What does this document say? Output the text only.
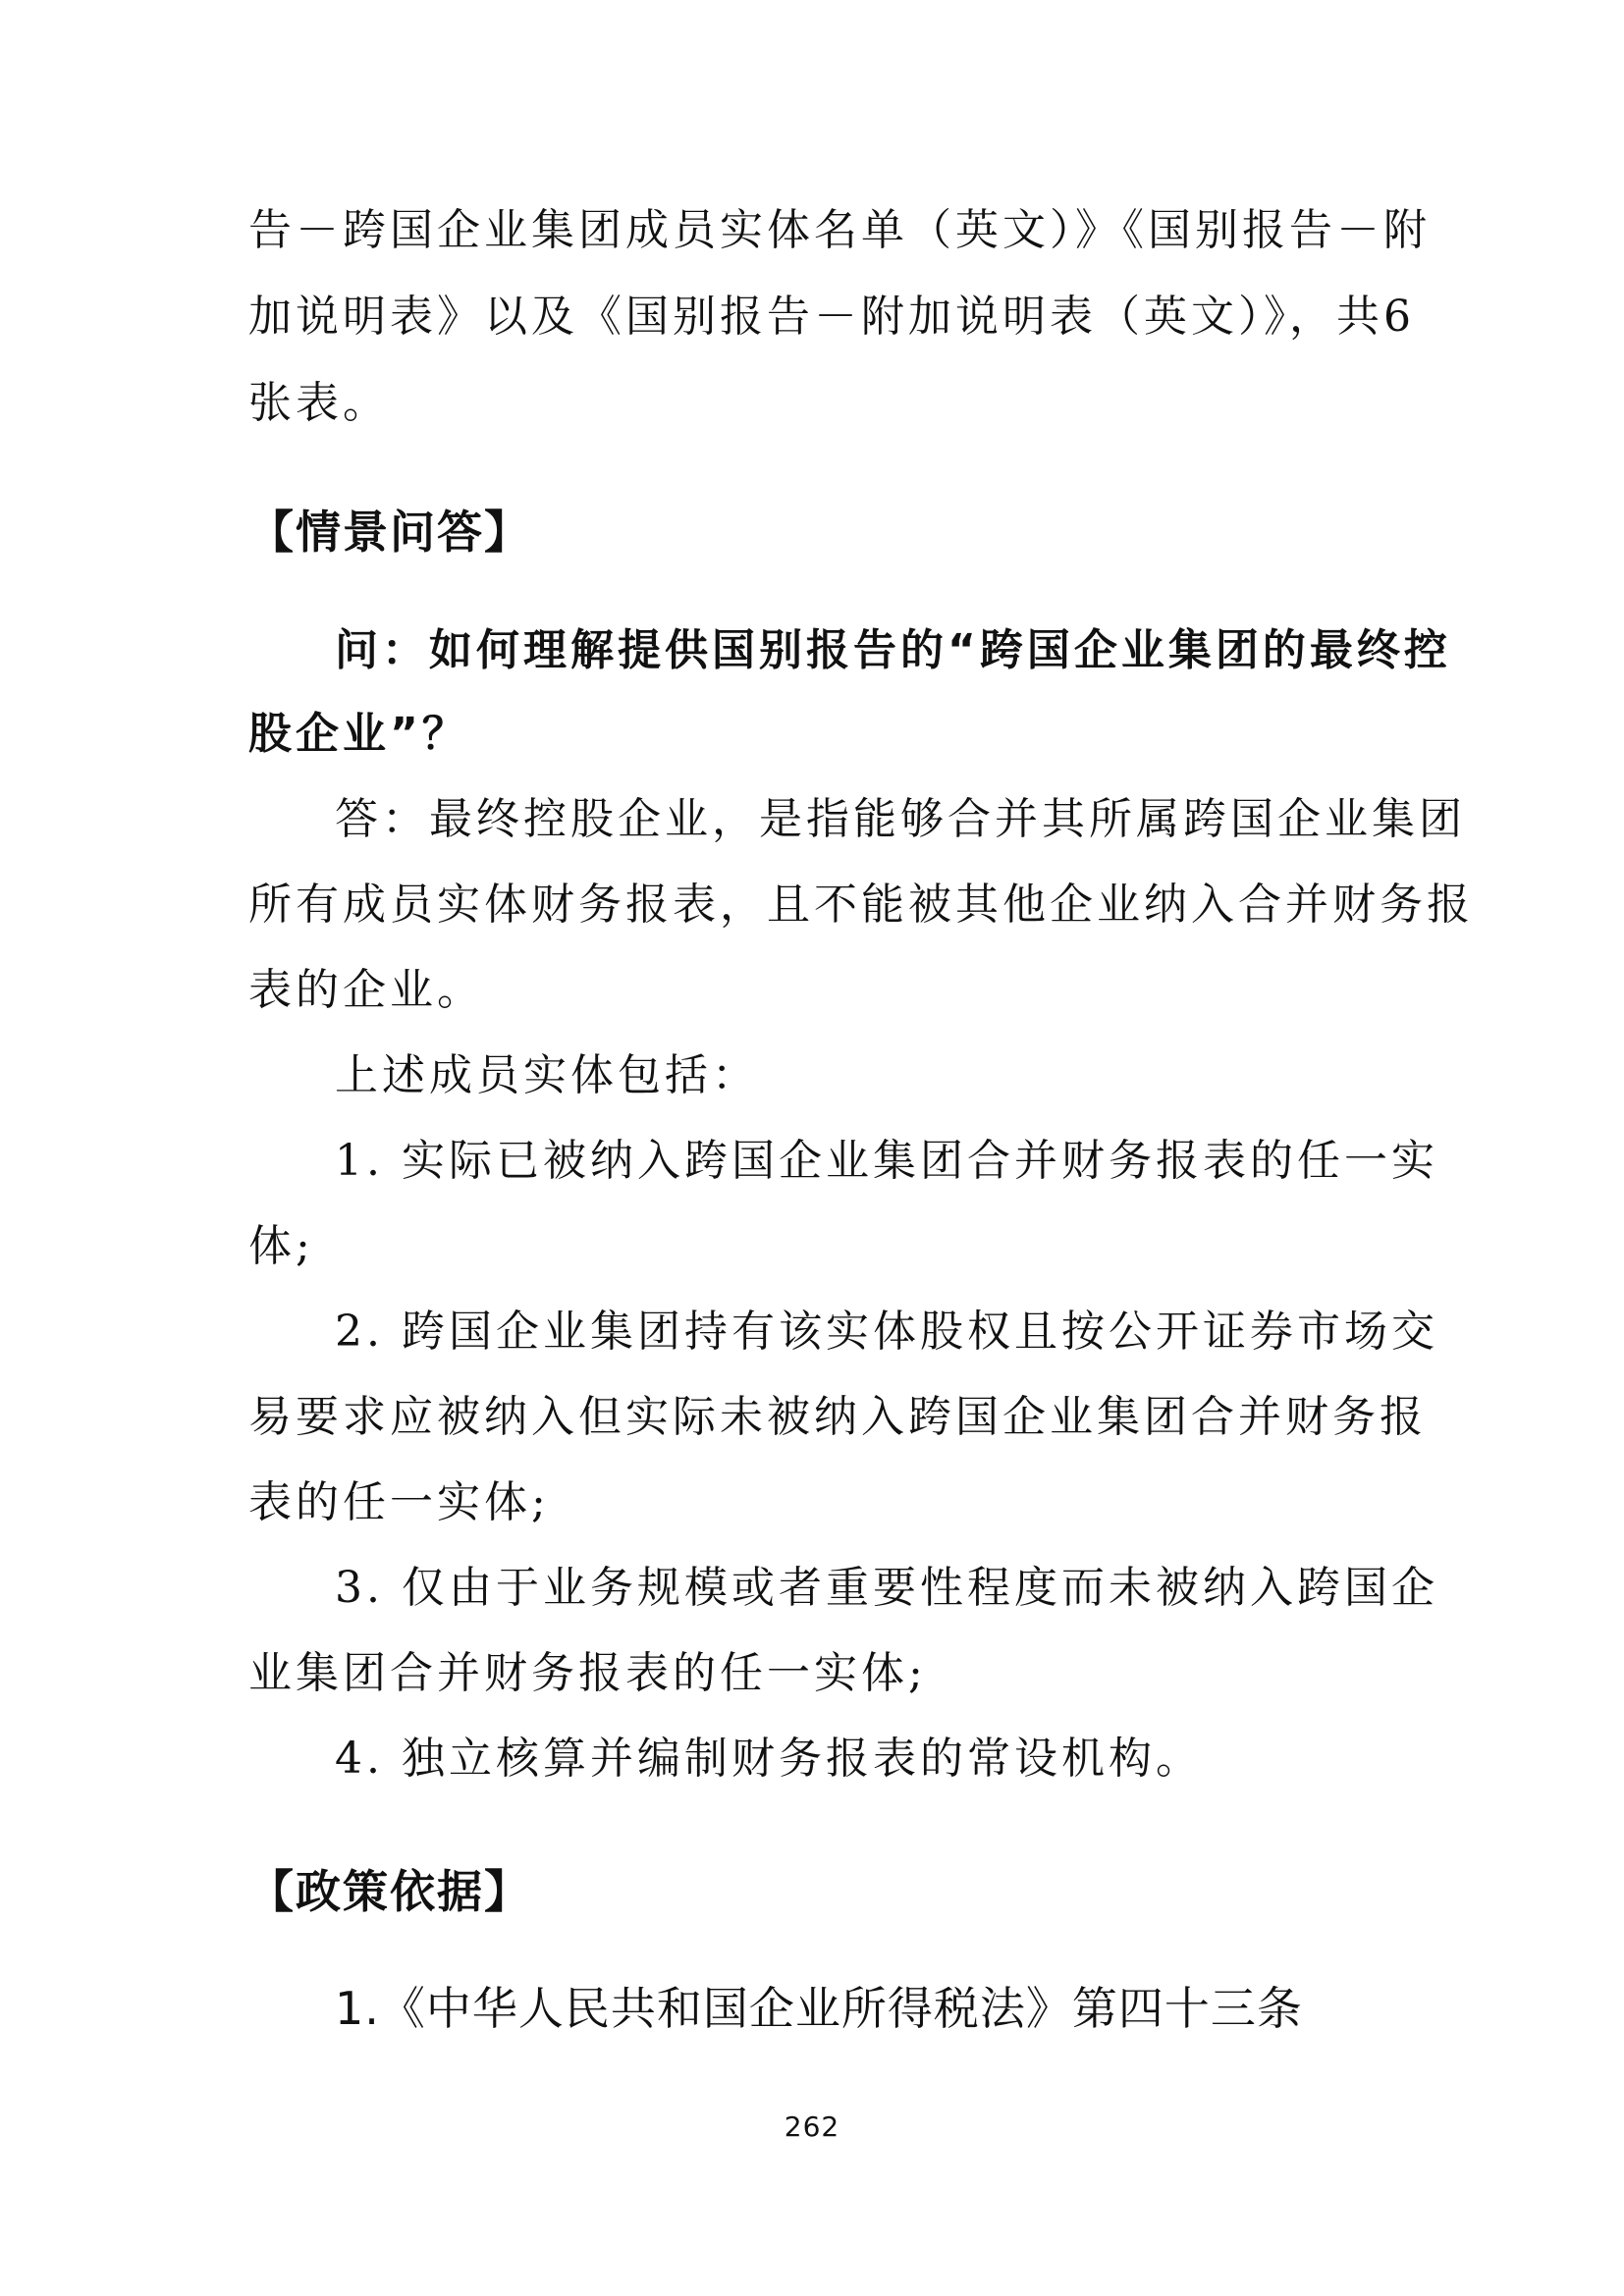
告－跨国企业集团成员实体名单（英文）》《国别报告－附
加说明表》以及《国别报告－附加说明表（英文）》，共6
张表。
【情景问答】
问：如何理解提供国别报告的“跨国企业集团的最终控
股企业”？
答：最终控股企业，是指能够合并其所属跨国企业集团
所有成员实体财务报表，且不能被其他企业纳入合并财务报
表的企业。
上述成员实体包括：
1. 实际已被纳入跨国企业集团合并财务报表的任一实
体;
2. 跨国企业集团持有该实体股权且按公开证券市场交
易要求应被纳入但实际未被纳入跨国企业集团合并财务报
表的任一实体;
3. 仅由于业务规模或者重要性程度而未被纳入跨国企
业集团合并财务报表的任一实体;
4. 独立核算并编制财务报表的常设机构。
【政策依据】
1.《中华人民共和国企业所得税法》第四十三条
262
